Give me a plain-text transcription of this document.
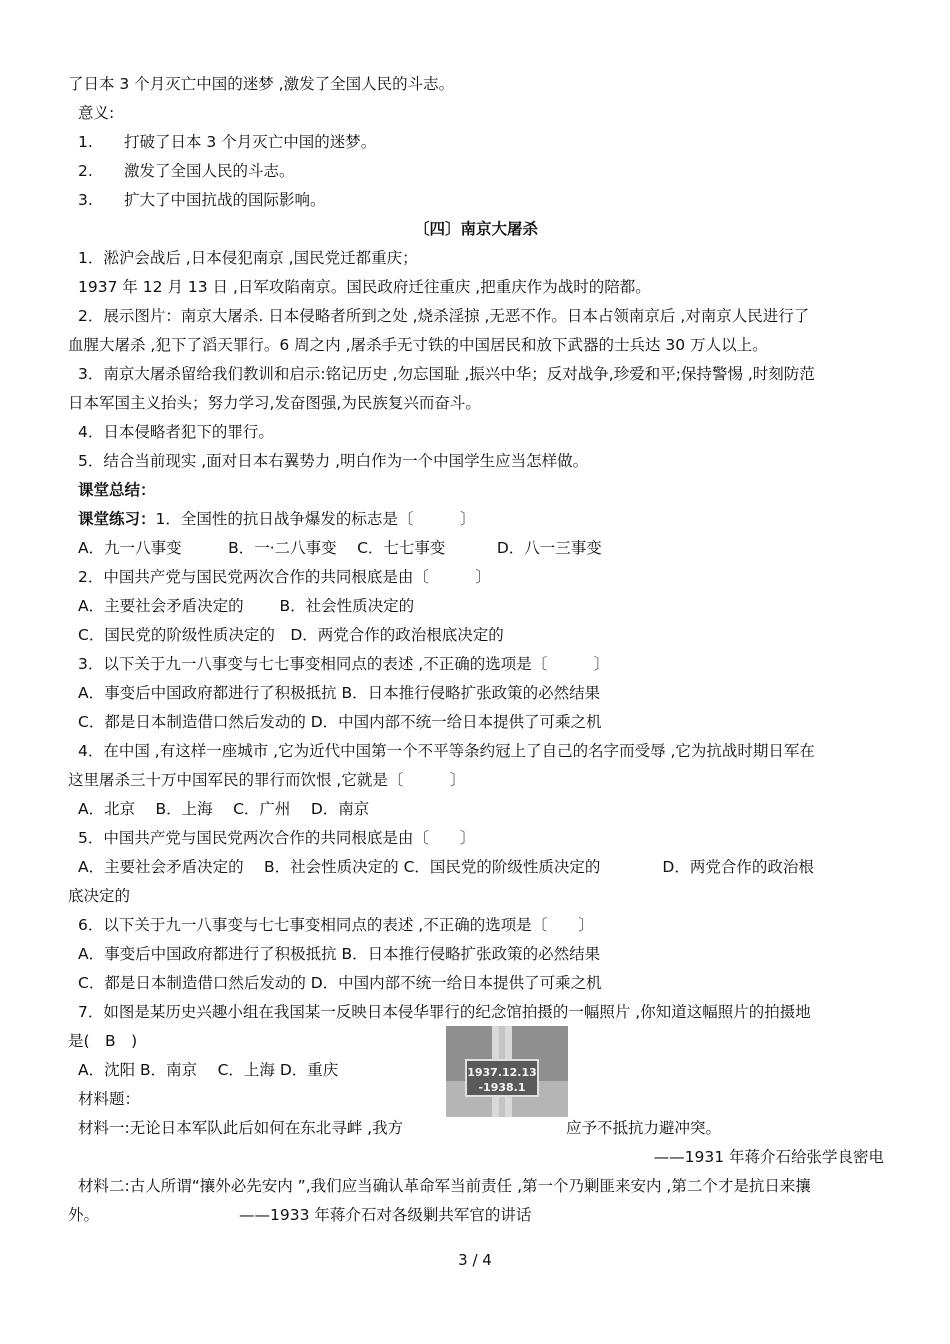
了日本 3 个月灭亡中国的迷梦 ,激发了全国人民的斗志。
意义:
1. 打破了日本 3 个月灭亡中国的迷梦。
2. 激发了全国人民的斗志。
3. 扩大了中国抗战的国际影响。
〔四〕南京大屠杀
1．淞沪会战后 ,日本侵犯南京 ,国民党迁都重庆；
1937 年 12 月 13 日 ,日军攻陷南京。国民政府迁往重庆 ,把重庆作为战时的陪都。
2．展示图片：南京大屠杀. 日本侵略者所到之处 ,烧杀淫掠 ,无恶不作。日本占领南京后 ,对南京人民进行了
血腥大屠杀 ,犯下了滔天罪行。6 周之内 ,屠杀手无寸铁的中国居民和放下武器的士兵达 30 万人以上。
3．南京大屠杀留给我们教训和启示:铭记历史 ,勿忘国耻 ,振兴中华；反对战争,珍爱和平;保持警惕 ,时刻防范
日本军国主义抬头；努力学习,发奋图强,为民族复兴而奋斗。
4．日本侵略者犯下的罪行。
5．结合当前现实 ,面对日本右翼势力 ,明白作为一个中国学生应当怎样做。
课堂总结：
课堂练习：1．全国性的抗日战争爆发的标志是〔　　　〕
A．九一八事变　　　B．一·二八事变　 C．七七事变　　　 D．八一三事变
2．中国共产党与国民党两次合作的共同根底是由〔　　　〕
A．主要社会矛盾决定的　　 B．社会性质决定的
C．国民党的阶级性质决定的　D．两党合作的政治根底决定的
3．以下关于九一八事变与七七事变相同点的表述 ,不正确的选项是〔　　　〕
A．事变后中国政府都进行了积极抵抗 B．日本推行侵略扩张政策的必然结果
C．都是日本制造借口然后发动的 D．中国内部不统一给日本提供了可乘之机
4．在中国 ,有这样一座城市 ,它为近代中国第一个不平等条约冠上了自己的名字而受辱 ,它为抗战时期日军在
这里屠杀三十万中国军民的罪行而饮恨 ,它就是〔　　　〕
A．北京　 B．上海　 C．广州　 D．南京
5．中国共产党与国民党两次合作的共同根底是由〔　　〕
A．主要社会矛盾决定的　 B．社会性质决定的 C．国民党的阶级性质决定的　　　　D．两党合作的政治根
底决定的
6．以下关于九一八事变与七七事变相同点的表述 ,不正确的选项是〔　　〕
A．事变后中国政府都进行了积极抵抗 B．日本推行侵略扩张政策的必然结果
C．都是日本制造借口然后发动的 D．中国内部不统一给日本提供了可乘之机
7．如图是某历史兴趣小组在我国某一反映日本侵华罪行的纪念馆拍摄的一幅照片 ,你知道这幅照片的拍摄地
是(　B　)
A．沈阳 B．南京　 C．上海 D．重庆
材料题：
材料一:无论日本军队此后如何在东北寻衅 ,我方	应予不抵抗力避冲突。
——1931 年蒋介石给张学良密电
材料二:古人所谓“攘外必先安内 ”,我们应当确认革命军当前责任 ,第一个乃剿匪来安内 ,第二个才是抗日来攘
外。	——1933 年蒋介石对各级剿共军官的讲话
1937.12.13
-1938.1
3 / 4
